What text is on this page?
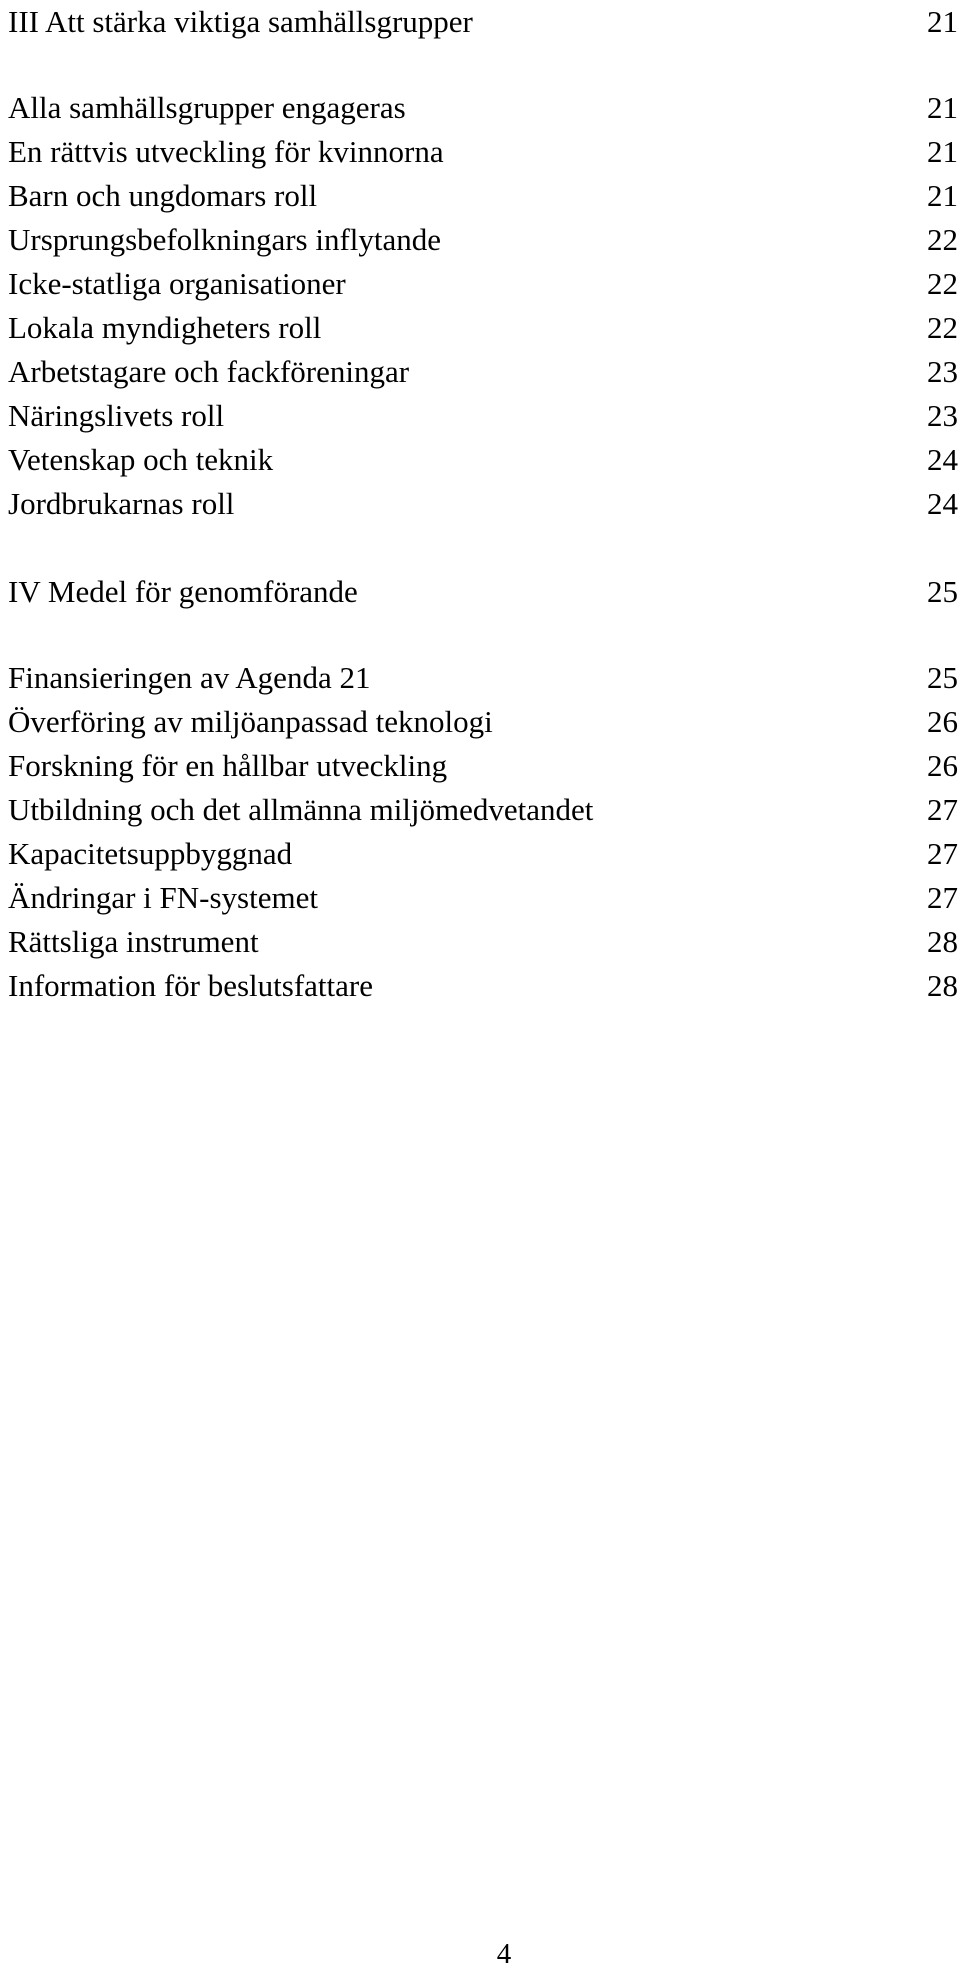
III Att stärka viktiga samhällsgrupper	21
Alla samhällsgrupper engageras	21
En rättvis utveckling för kvinnorna	21
Barn och ungdomars roll	21
Ursprungsbefolkningars inflytande	22
Icke-statliga organisationer	22
Lokala myndigheters roll	22
Arbetstagare och fackföreningar	23
Näringslivets roll	23
Vetenskap och teknik	24
Jordbrukarnas roll	24
IV Medel för genomförande	25
Finansieringen av Agenda 21	25
Överföring av miljöanpassad teknologi	26
Forskning för en hållbar utveckling	26
Utbildning och det allmänna miljömedvetandet	27
Kapacitetsuppbyggnad	27
Ändringar i FN-systemet	27
Rättsliga instrument	28
Information för beslutsfattare	28
4
